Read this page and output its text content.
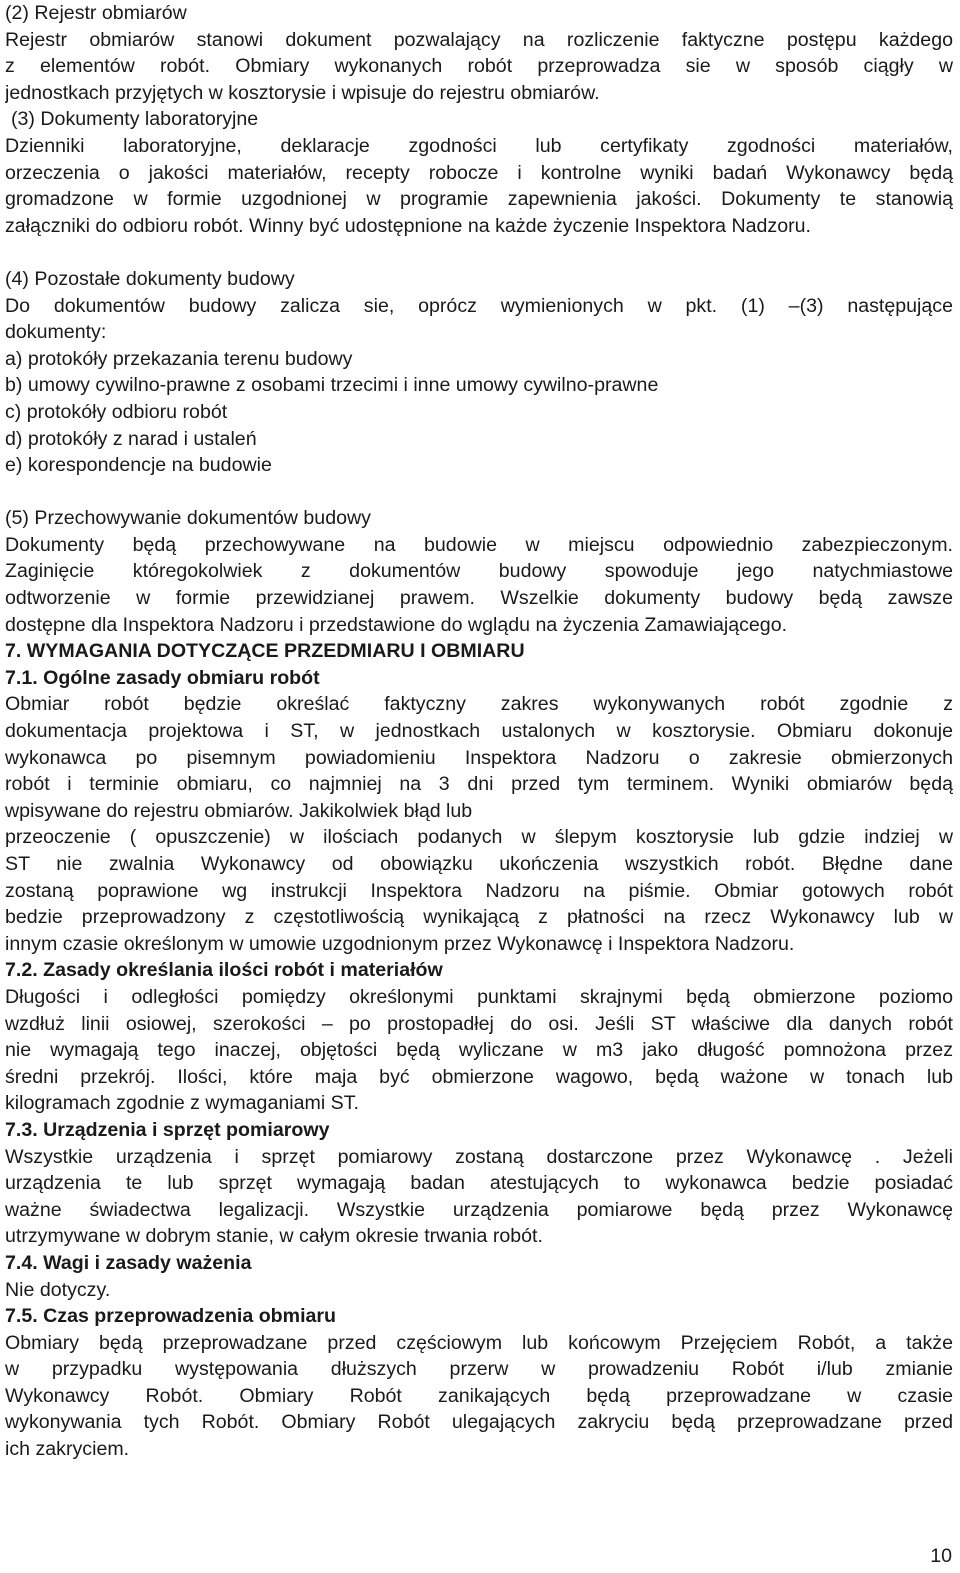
(2) Rejestr obmiarów
Rejestr obmiarów stanowi dokument pozwalający na rozliczenie faktyczne postępu każdego
z elementów robót. Obmiary wykonanych robót przeprowadza sie w sposób ciągły w
jednostkach przyjętych w kosztorysie i wpisuje do rejestru obmiarów.
(3) Dokumenty laboratoryjne
Dzienniki laboratoryjne, deklaracje zgodności lub certyfikaty zgodności materiałów,
orzeczenia o jakości materiałów, recepty robocze i kontrolne wyniki badań Wykonawcy będą
gromadzone w formie uzgodnionej w programie zapewnienia jakości. Dokumenty te stanowią
załączniki do odbioru robót. Winny być udostępnione na każde życzenie Inspektora Nadzoru.
(4) Pozostałe dokumenty budowy
Do dokumentów budowy zalicza sie, oprócz wymienionych w pkt. (1) –(3) następujące
dokumenty:
a) protokóły przekazania terenu budowy
b) umowy cywilno-prawne z osobami trzecimi i inne umowy cywilno-prawne
c) protokóły odbioru robót
d) protokóły z narad i ustaleń
e) korespondencje na budowie
(5) Przechowywanie dokumentów budowy
Dokumenty będą przechowywane na budowie w miejscu odpowiednio zabezpieczonym.
Zaginięcie któregokolwiek z dokumentów budowy spowoduje jego natychmiastowe
odtworzenie w formie przewidzianej prawem. Wszelkie dokumenty budowy będą zawsze
dostępne dla Inspektora Nadzoru i przedstawione do wglądu na życzenia Zamawiającego.
7. WYMAGANIA DOTYCZĄCE PRZEDMIARU I OBMIARU
7.1. Ogólne zasady obmiaru robót
Obmiar robót będzie określać faktyczny zakres wykonywanych robót zgodnie z
dokumentacja projektowa i ST, w jednostkach ustalonych w kosztorysie. Obmiaru dokonuje
wykonawca po pisemnym powiadomieniu Inspektora Nadzoru o zakresie obmierzonych
robót i terminie obmiaru, co najmniej na 3 dni przed tym terminem. Wyniki obmiarów będą
wpisywane do rejestru obmiarów. Jakikolwiek błąd lub
przeoczenie ( opuszczenie) w ilościach podanych w ślepym kosztorysie lub gdzie indziej w
ST nie zwalnia Wykonawcy od obowiązku ukończenia wszystkich robót. Błędne dane
zostaną poprawione wg instrukcji Inspektora Nadzoru na piśmie. Obmiar gotowych robót
bedzie przeprowadzony z częstotliwością wynikającą z płatności na rzecz Wykonawcy lub w
innym czasie określonym w umowie uzgodnionym przez Wykonawcę i Inspektora Nadzoru.
7.2. Zasady określania ilości robót i materiałów
Długości i odległości pomiędzy określonymi punktami skrajnymi będą obmierzone poziomo
wzdłuż linii osiowej, szerokości – po prostopadłej do osi. Jeśli ST właściwe dla danych robót
nie wymagają tego inaczej, objętości będą wyliczane w m3 jako długość pomnożona przez
średni przekrój. Ilości, które maja być obmierzone wagowo, będą ważone w tonach lub
kilogramach zgodnie z wymaganiami ST.
7.3. Urządzenia i sprzęt pomiarowy
Wszystkie urządzenia i sprzęt pomiarowy zostaną dostarczone przez Wykonawcę . Jeżeli
urządzenia te lub sprzęt wymagają badan atestujących to wykonawca bedzie posiadać
ważne świadectwa legalizacji. Wszystkie urządzenia pomiarowe będą przez Wykonawcę
utrzymywane w dobrym stanie, w całym okresie trwania robót.
7.4. Wagi i zasady ważenia
Nie dotyczy.
7.5. Czas przeprowadzenia obmiaru
Obmiary będą przeprowadzane przed częściowym lub końcowym Przejęciem Robót, a także
w przypadku występowania dłuższych przerw w prowadzeniu Robót i/lub zmianie
Wykonawcy Robót. Obmiary Robót zanikających będą przeprowadzane w czasie
wykonywania tych Robót. Obmiary Robót ulegających zakryciu będą przeprowadzane przed
ich zakryciem.
10
